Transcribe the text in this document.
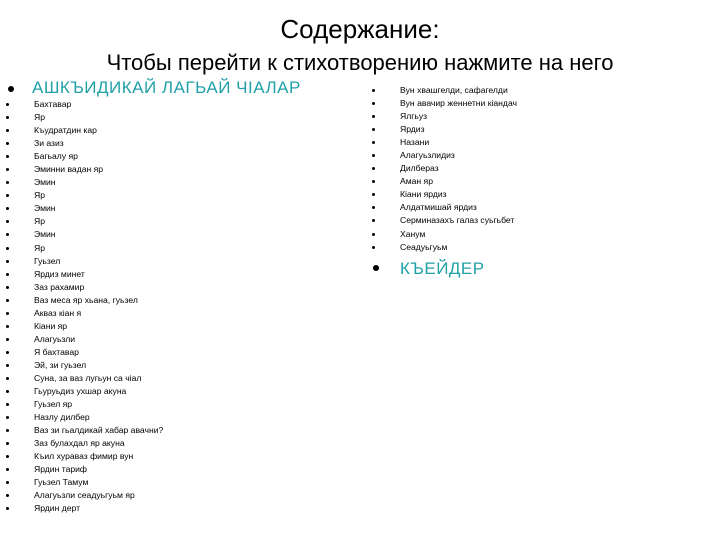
Содержание:
Чтобы перейти к стихотворению нажмите на него
АШКЪИДИКАЙ ЛАГЬАЙ ЧІАЛАР
Бахтавар
Яр
Къудратдин кар
Зи азиз
Багьалу яр
Эминни вадан яр
Эмин
Яр
Эмин
Яр
Эмин
Яр
Гуьзел
Ярдиз минет
Заз рахамир
Ваз меса яр хьана, гуьзел
Акваз кіан я
Кіани яр
Алагуьзли
Я бахтавар
Эй, зи гуьзел
Суна, за ваз лугьун са чіал
Гьуруьдиз ухшар акуна
Гуьзел яр
Назлу дилбер
Ваз зи гьалдикай хабар авачни?
Заз булахдал яр акуна
Къил хураваз фимир вун
Ярдин тариф
Гуьзел Тамум
Алагуьзли сеадуьгуьм яр
Ярдин дерт
Вун хвашгелди, сафагелди
Вун авачир женнетни кіандач
Ялгьуз
Ярдиз
Назани
Алагуьзлидиз
Дилбераз
Аман яр
Кіани ярдиз
Алдатмишай ярдиз
Серминазахъ галаз суьгьбет
Ханум
Сеадуьгуьм
КЪЕЙДЕР
